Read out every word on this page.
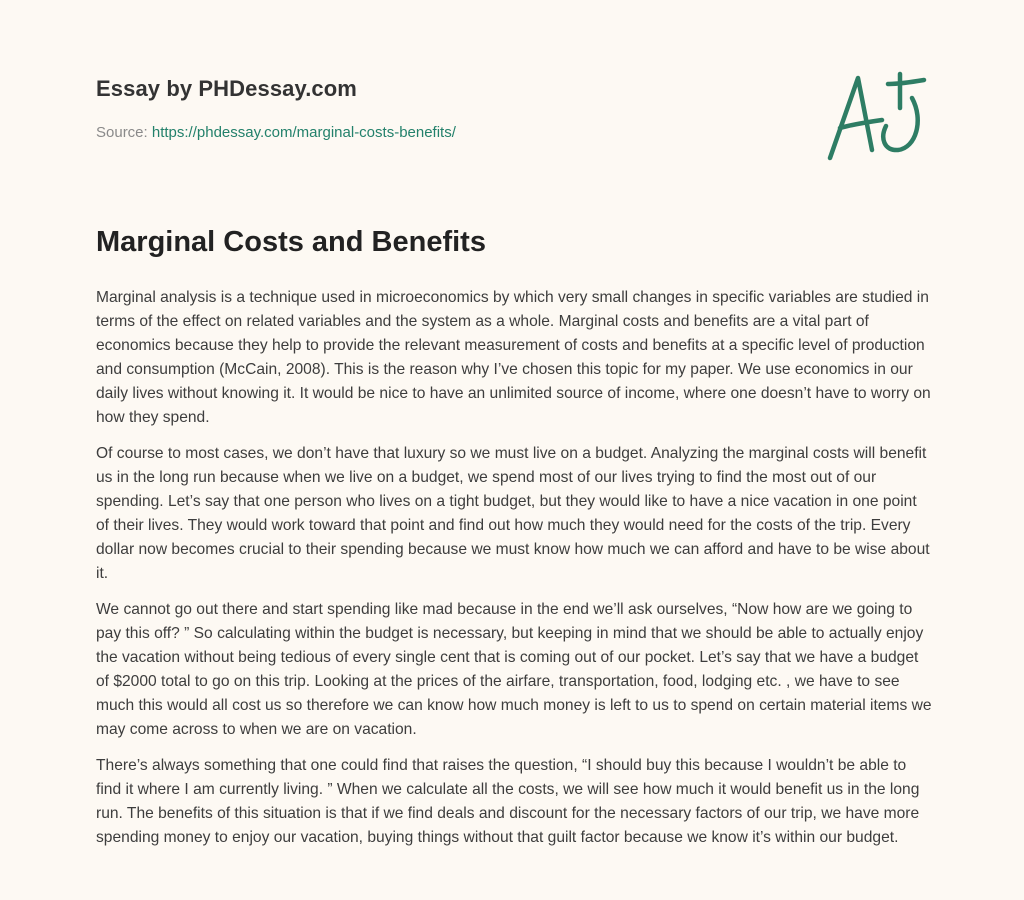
Essay by PHDessay.com
Source: https://phdessay.com/marginal-costs-benefits/
Marginal Costs and Benefits

Marginal analysis is a technique used in microeconomics by which very small changes in specific variables are studied in terms of the effect on related variables and the system as a whole. Marginal costs and benefits are a vital part of economics because they help to provide the relevant measurement of costs and benefits at a specific level of production and consumption (McCain, 2008). This is the reason why I’ve chosen this topic for my paper. We use economics in our daily lives without knowing it. It would be nice to have an unlimited source of income, where one doesn’t have to worry on how they spend.

Of course to most cases, we don’t have that luxury so we must live on a budget. Analyzing the marginal costs will benefit us in the long run because when we live on a budget, we spend most of our lives trying to find the most out of our spending. Let’s say that one person who lives on a tight budget, but they would like to have a nice vacation in one point of their lives. They would work toward that point and find out how much they would need for the costs of the trip. Every dollar now becomes crucial to their spending because we must know how much we can afford and have to be wise about it.

We cannot go out there and start spending like mad because in the end we’ll ask ourselves, “Now how are we going to pay this off? ” So calculating within the budget is necessary, but keeping in mind that we should be able to actually enjoy the vacation without being tedious of every single cent that is coming out of our pocket. Let’s say that we have a budget of $2000 total to go on this trip. Looking at the prices of the airfare, transportation, food, lodging etc. , we have to see much this would all cost us so therefore we can know how much money is left to us to spend on certain material items we may come across to when we are on vacation.

There’s always something that one could find that raises the question, “I should buy this because I wouldn’t be able to find it where I am currently living. ” When we calculate all the costs, we will see how much it would benefit us in the long run. The benefits of this situation is that if we find deals and discount for the necessary factors of our trip, we have more spending money to enjoy our vacation, buying things without that guilt factor because we know it’s within our budget.
